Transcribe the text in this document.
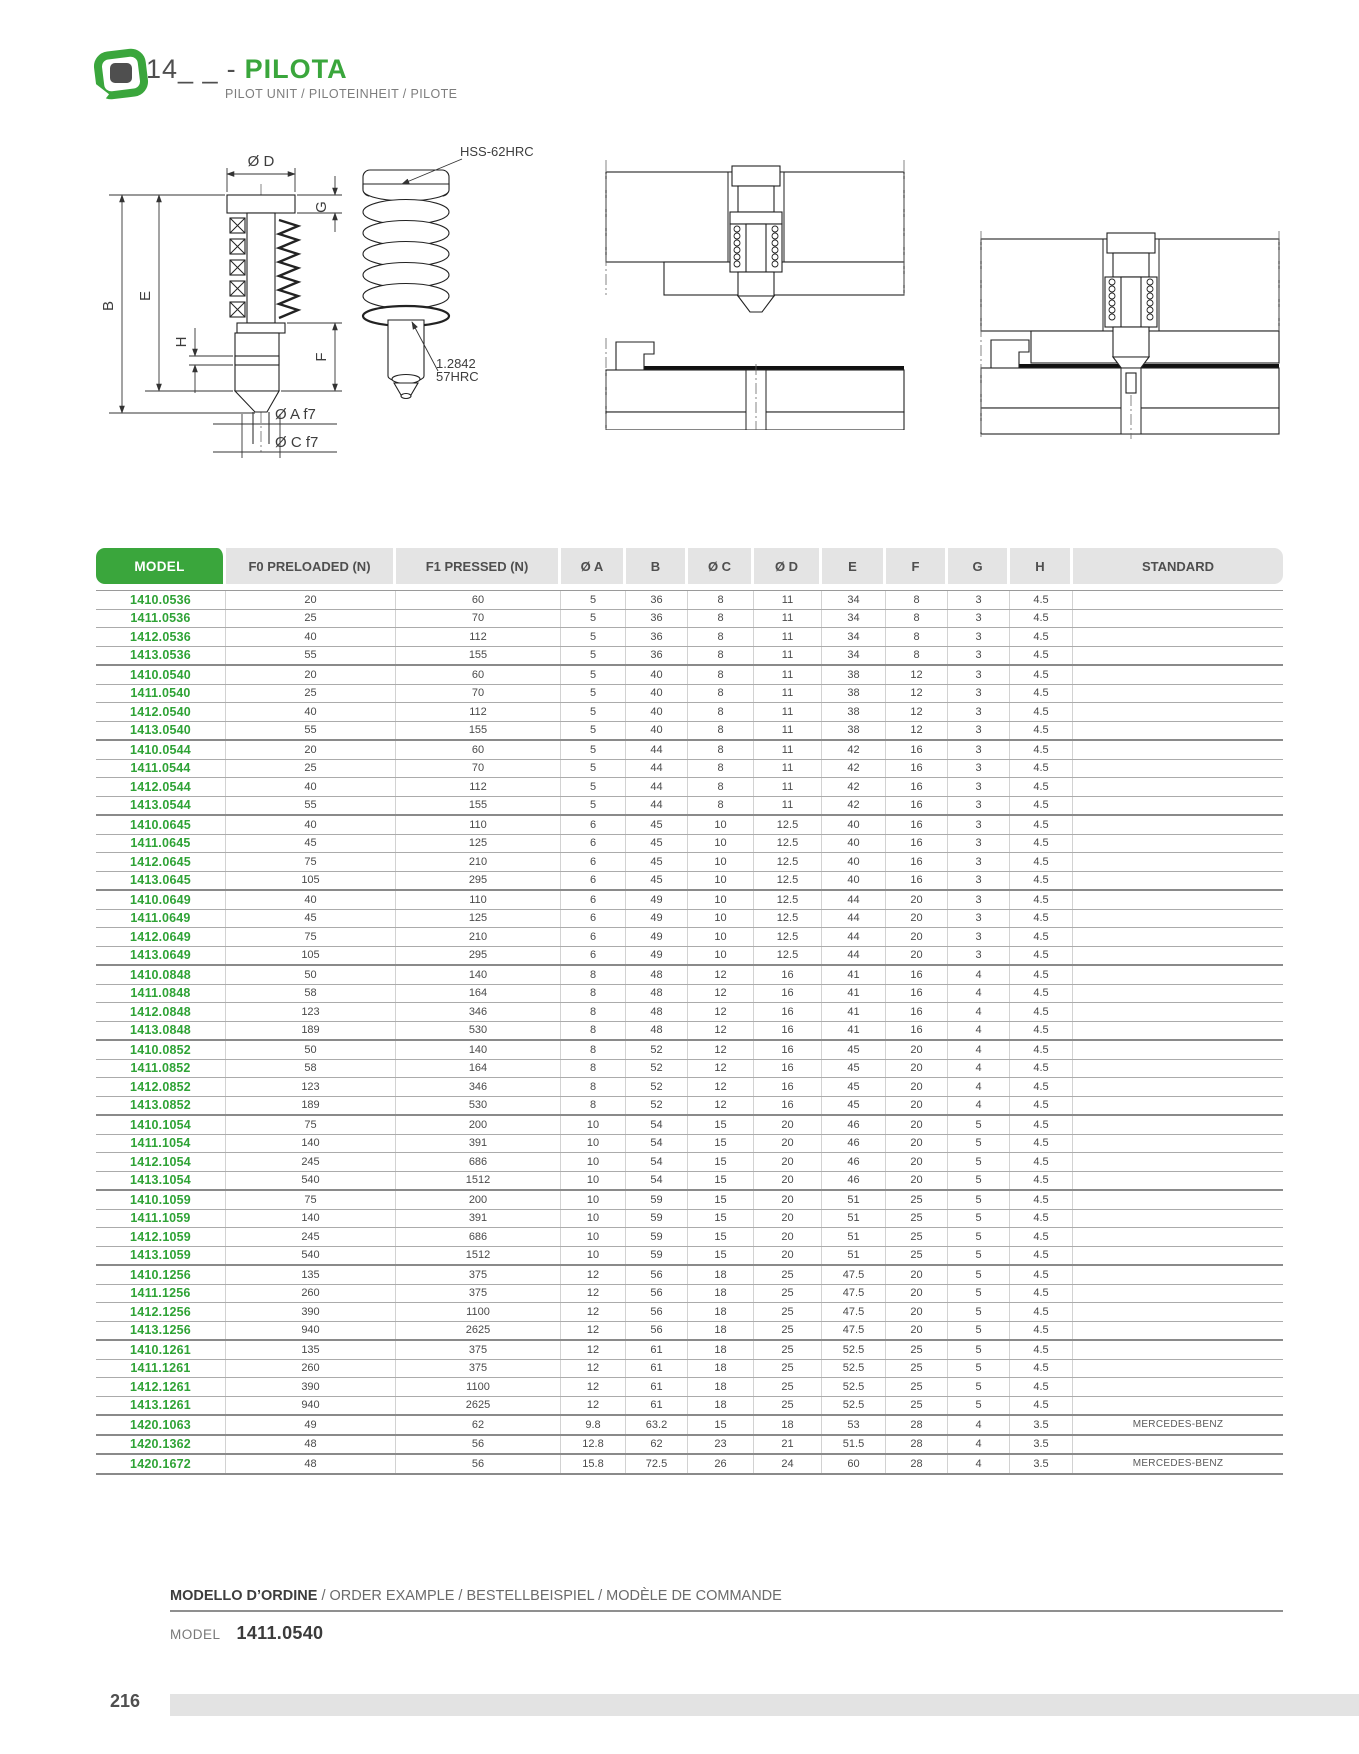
14_ _ - PILOTA
PILOT UNIT / PILOTEINHEIT / PILOTE
Ø D
G
B
E
H
F
Ø A f7
Ø C f7
HSS-62HRC
1.2842
57HRC
MODEL	F0 PRELOADED (N)	F1 PRESSED (N)	Ø A	B	Ø C	Ø D	E	F	G	H	STANDARD
1410.0536	20	60	5	36	8	11	34	8	3	4.5
1411.0536	25	70	5	36	8	11	34	8	3	4.5
1412.0536	40	112	5	36	8	11	34	8	3	4.5
1413.0536	55	155	5	36	8	11	34	8	3	4.5
1410.0540	20	60	5	40	8	11	38	12	3	4.5
1411.0540	25	70	5	40	8	11	38	12	3	4.5
1412.0540	40	112	5	40	8	11	38	12	3	4.5
1413.0540	55	155	5	40	8	11	38	12	3	4.5
1410.0544	20	60	5	44	8	11	42	16	3	4.5
1411.0544	25	70	5	44	8	11	42	16	3	4.5
1412.0544	40	112	5	44	8	11	42	16	3	4.5
1413.0544	55	155	5	44	8	11	42	16	3	4.5
1410.0645	40	110	6	45	10	12.5	40	16	3	4.5
1411.0645	45	125	6	45	10	12.5	40	16	3	4.5
1412.0645	75	210	6	45	10	12.5	40	16	3	4.5
1413.0645	105	295	6	45	10	12.5	40	16	3	4.5
1410.0649	40	110	6	49	10	12.5	44	20	3	4.5
1411.0649	45	125	6	49	10	12.5	44	20	3	4.5
1412.0649	75	210	6	49	10	12.5	44	20	3	4.5
1413.0649	105	295	6	49	10	12.5	44	20	3	4.5
1410.0848	50	140	8	48	12	16	41	16	4	4.5
1411.0848	58	164	8	48	12	16	41	16	4	4.5
1412.0848	123	346	8	48	12	16	41	16	4	4.5
1413.0848	189	530	8	48	12	16	41	16	4	4.5
1410.0852	50	140	8	52	12	16	45	20	4	4.5
1411.0852	58	164	8	52	12	16	45	20	4	4.5
1412.0852	123	346	8	52	12	16	45	20	4	4.5
1413.0852	189	530	8	52	12	16	45	20	4	4.5
1410.1054	75	200	10	54	15	20	46	20	5	4.5
1411.1054	140	391	10	54	15	20	46	20	5	4.5
1412.1054	245	686	10	54	15	20	46	20	5	4.5
1413.1054	540	1512	10	54	15	20	46	20	5	4.5
1410.1059	75	200	10	59	15	20	51	25	5	4.5
1411.1059	140	391	10	59	15	20	51	25	5	4.5
1412.1059	245	686	10	59	15	20	51	25	5	4.5
1413.1059	540	1512	10	59	15	20	51	25	5	4.5
1410.1256	135	375	12	56	18	25	47.5	20	5	4.5
1411.1256	260	375	12	56	18	25	47.5	20	5	4.5
1412.1256	390	1100	12	56	18	25	47.5	20	5	4.5
1413.1256	940	2625	12	56	18	25	47.5	20	5	4.5
1410.1261	135	375	12	61	18	25	52.5	25	5	4.5
1411.1261	260	375	12	61	18	25	52.5	25	5	4.5
1412.1261	390	1100	12	61	18	25	52.5	25	5	4.5
1413.1261	940	2625	12	61	18	25	52.5	25	5	4.5
1420.1063	49	62	9.8	63.2	15	18	53	28	4	3.5	MERCEDES-BENZ
1420.1362	48	56	12.8	62	23	21	51.5	28	4	3.5
1420.1672	48	56	15.8	72.5	26	24	60	28	4	3.5	MERCEDES-BENZ
MODELLO D’ORDINE / ORDER EXAMPLE / BESTELLBEISPIEL / MODÈLE DE COMMANDE
MODEL 1411.0540
216
